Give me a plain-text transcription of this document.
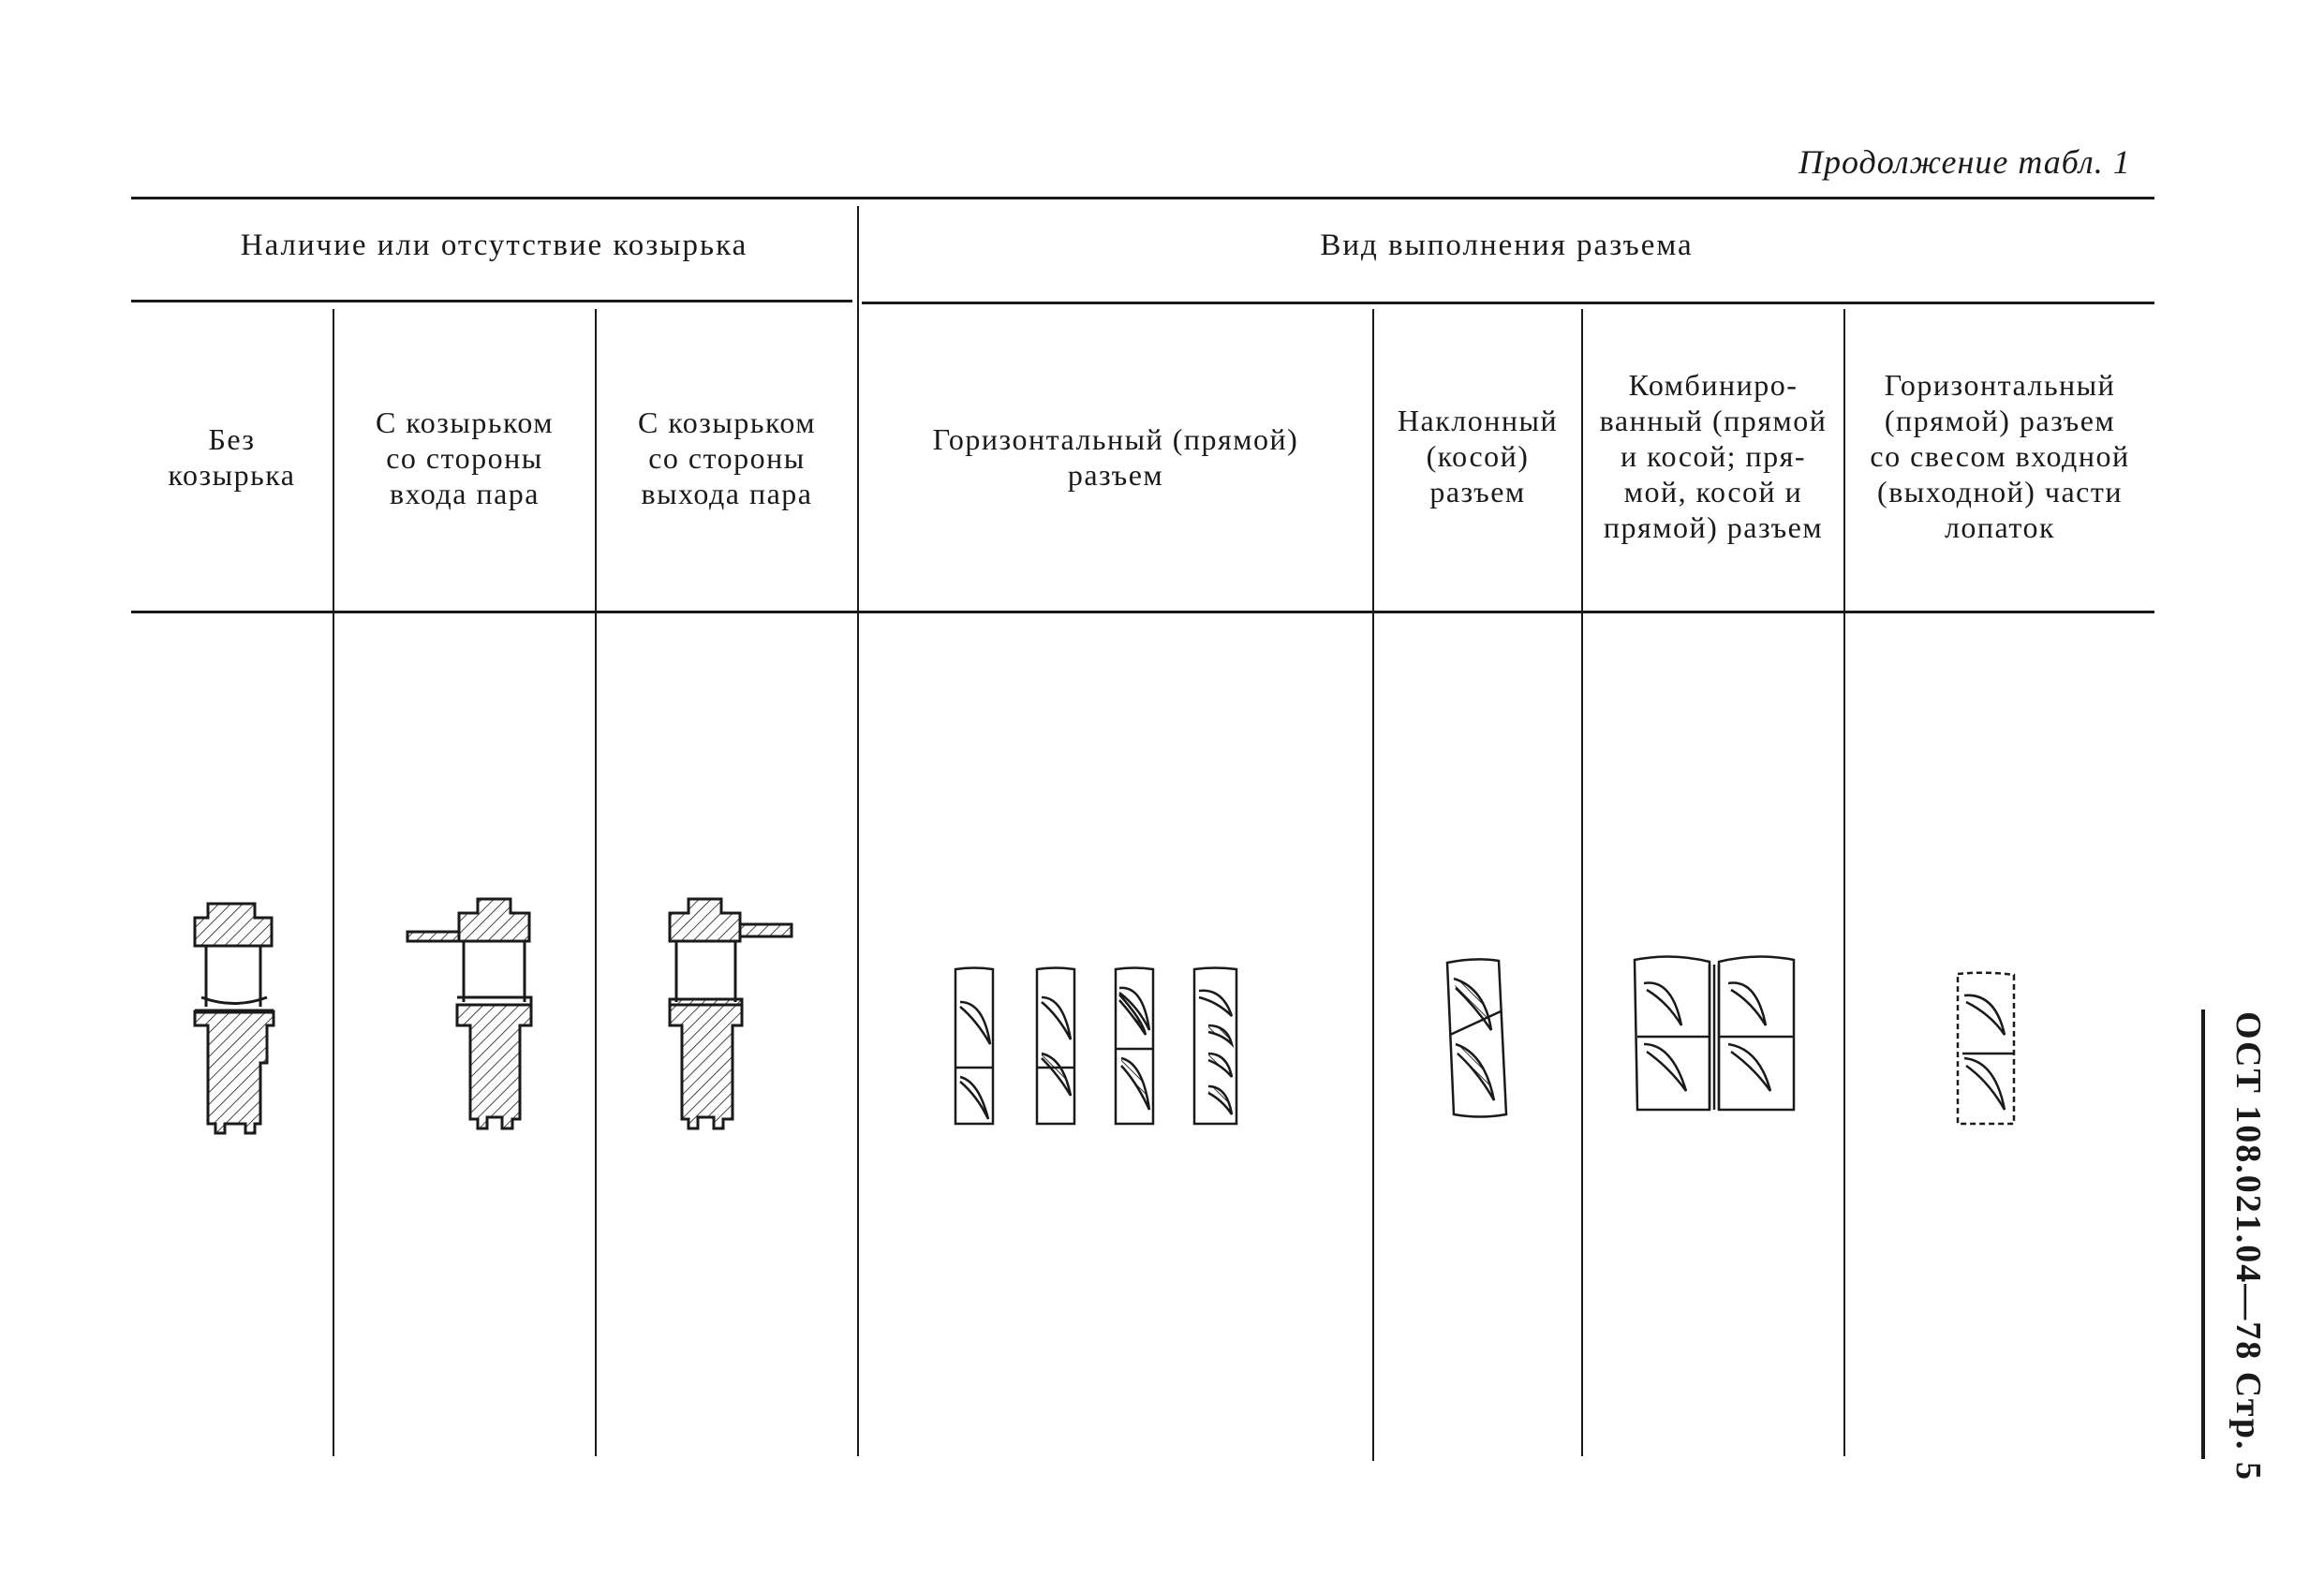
Продолжение табл. 1
ОСТ 108.021.04—78 Стр. 5
Наличие или отсутствие козырька	Вид выполнения разъема
Без
козырька
С козырьком
со стороны
входа пара
С козырьком
со стороны
выхода пара
Горизонтальный (прямой)
разъем
Наклонный
(косой)
разъем
Комбиниро-
ванный (прямой
и косой; пря-
мой, косой и
прямой) разъем
Горизонтальный
(прямой) разъем
со свесом входной
(выходной) части
лопаток
